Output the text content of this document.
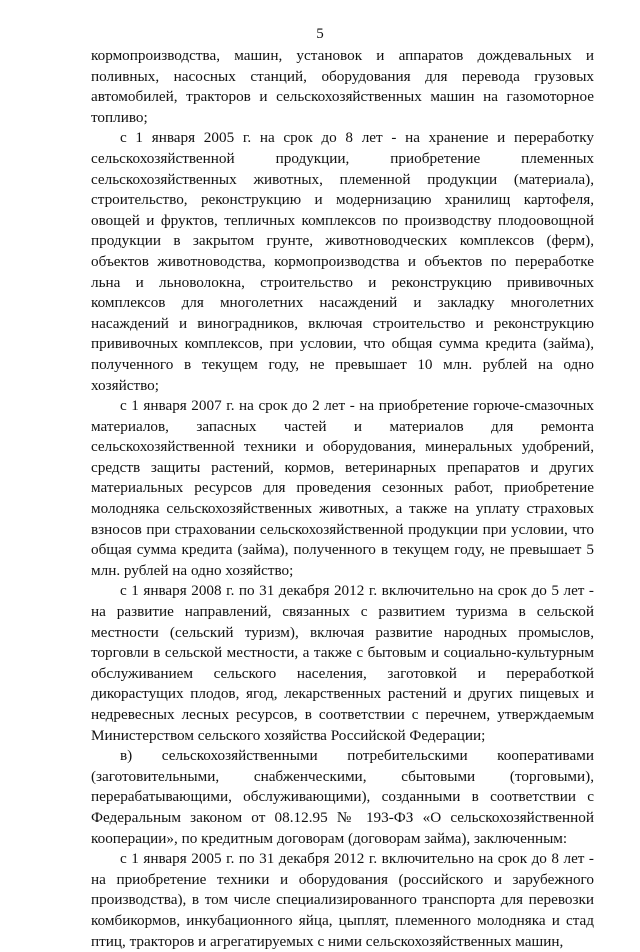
5

кормопроизводства, машин, установок и аппаратов дождевальных и поливных, насосных станций, оборудования для перевода грузовых автомобилей, тракторов и сельскохозяйственных машин на газомоторное топливо;

с 1 января 2005 г. на срок до 8 лет - на хранение и переработку сельскохозяйственной продукции, приобретение племенных сельскохозяйственных животных, племенной продукции (материала), строительство, реконструкцию и модернизацию хранилищ картофеля, овощей и фруктов, тепличных комплексов по производству плодоовощной продукции в закрытом грунте, животноводческих комплексов (ферм), объектов животноводства, кормопроизводства и объектов по переработке льна и льноволокна, строительство и реконструкцию прививочных комплексов для многолетних насаждений и закладку многолетних насаждений и виноградников, включая строительство и реконструкцию прививочных комплексов, при условии, что общая сумма кредита (займа), полученного в текущем году, не превышает 10 млн. рублей на одно хозяйство;

с 1 января 2007 г. на срок до 2 лет - на приобретение горюче-смазочных материалов, запасных частей и материалов для ремонта сельскохозяйственной техники и оборудования, минеральных удобрений, средств защиты растений, кормов, ветеринарных препаратов и других материальных ресурсов для проведения сезонных работ, приобретение молодняка сельскохозяйственных животных, а также на уплату страховых взносов при страховании сельскохозяйственной продукции при условии, что общая сумма кредита (займа), полученного в текущем году, не превышает 5 млн. рублей на одно хозяйство;

с 1 января 2008 г. по 31 декабря 2012 г. включительно на срок до 5 лет - на развитие направлений, связанных с развитием туризма в сельской местности (сельский туризм), включая развитие народных промыслов, торговли в сельской местности, а также с бытовым и социально-культурным обслуживанием сельского населения, заготовкой и переработкой дикорастущих плодов, ягод, лекарственных растений и других пищевых и недревесных лесных ресурсов, в соответствии с перечнем, утверждаемым Министерством сельского хозяйства Российской Федерации;

в) сельскохозяйственными потребительскими кооперативами (заготовительными, снабженческими, сбытовыми (торговыми), перерабатывающими, обслуживающими), созданными в соответствии с Федеральным законом от 08.12.95 № 193-ФЗ «О сельскохозяйственной кооперации», по кредитным договорам (договорам займа), заключенным:

с 1 января 2005 г. по 31 декабря 2012 г. включительно на срок до 8 лет - на приобретение техники и оборудования (российского и зарубежного производства), в том числе специализированного транспорта для перевозки комбикормов, инкубационного яйца, цыплят, племенного молодняка и стад птиц, тракторов и агрегатируемых с ними сельскохозяйственных машин,
